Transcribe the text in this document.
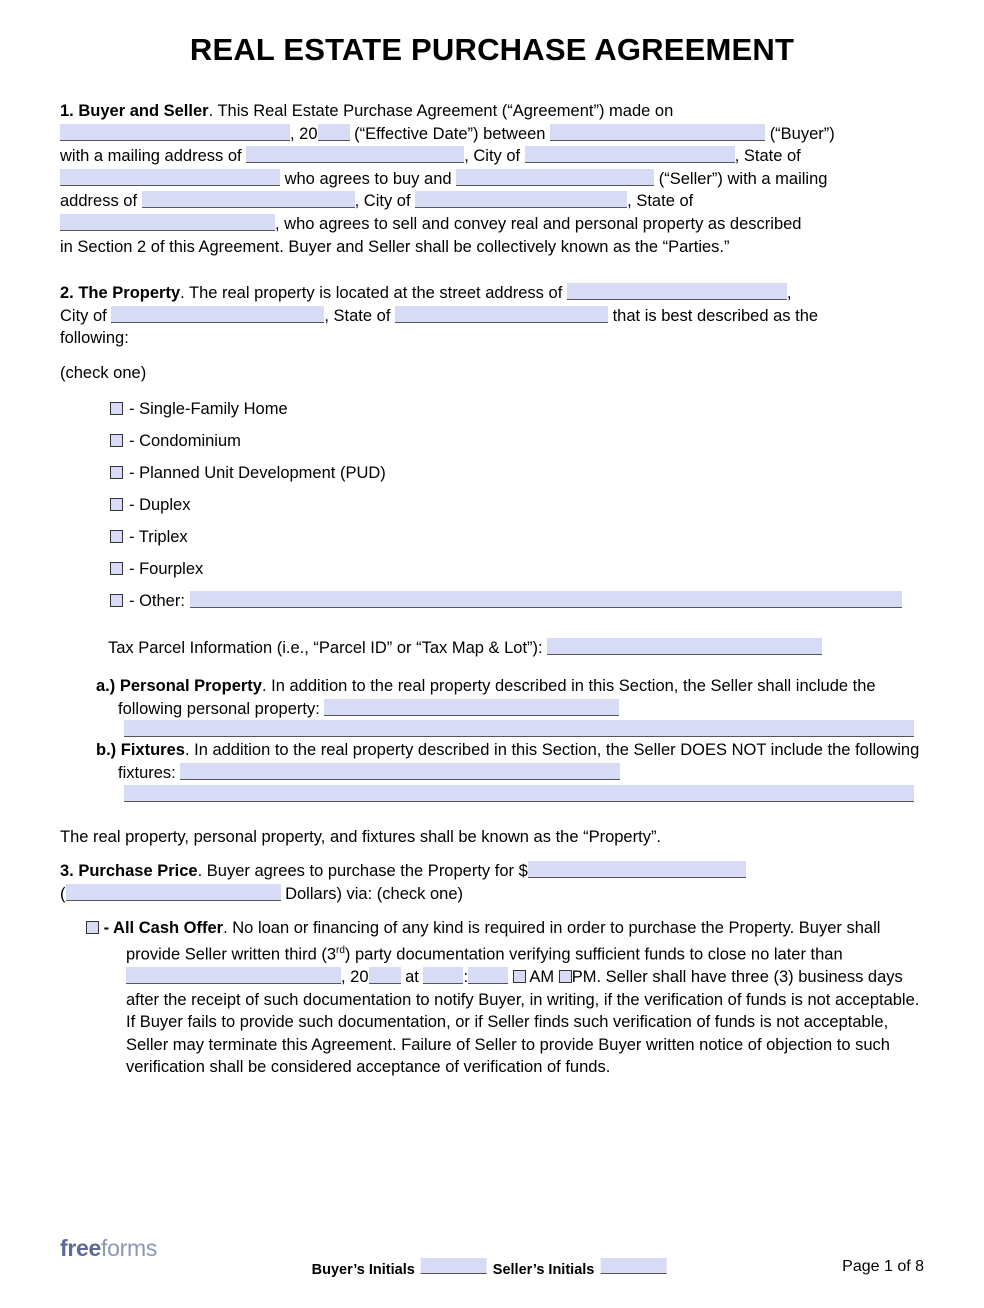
REAL ESTATE PURCHASE AGREEMENT
1. Buyer and Seller. This Real Estate Purchase Agreement (“Agreement”) made on
, 20 (“Effective Date”) between	(“Buyer”)
with a mailing address of	, City of	, State of
who agrees to buy and	(“Seller”) with a mailing
address of	, City of	, State of
, who agrees to sell and convey real and personal property as described
in Section 2 of this Agreement. Buyer and Seller shall be collectively known as the “Parties.”
2. The Property. The real property is located at the street address of	,
City of	, State of	that is best described as the
following:
(check one)
- Single-Family Home
- Condominium
- Planned Unit Development (PUD)
- Duplex
- Triplex
- Fourplex
- Other:
Tax Parcel Information (i.e., “Parcel ID” or “Tax Map & Lot”):
a.) Personal Property. In addition to the real property described in this Section, the Seller shall include the following personal property:
b.) Fixtures. In addition to the real property described in this Section, the Seller DOES NOT include the following fixtures:
The real property, personal property, and fixtures shall be known as the “Property”.
3. Purchase Price. Buyer agrees to purchase the Property for $
(	Dollars) via: (check one)
- All Cash Offer. No loan or financing of any kind is required in order to purchase the Property. Buyer shall provide Seller written third (3rd) party documentation verifying sufficient funds to close no later than , 20 at	:	AM PM. Seller shall have three (3) business days after the receipt of such documentation to notify Buyer, in writing, if the verification of funds is not acceptable. If Buyer fails to provide such documentation, or if Seller finds such verification of funds is not acceptable, Seller may terminate this Agreement. Failure of Seller to provide Buyer written notice of objection to such verification shall be considered acceptance of verification of funds.
freeforms
Buyer’s Initials	Seller’s Initials	Page 1 of 8
